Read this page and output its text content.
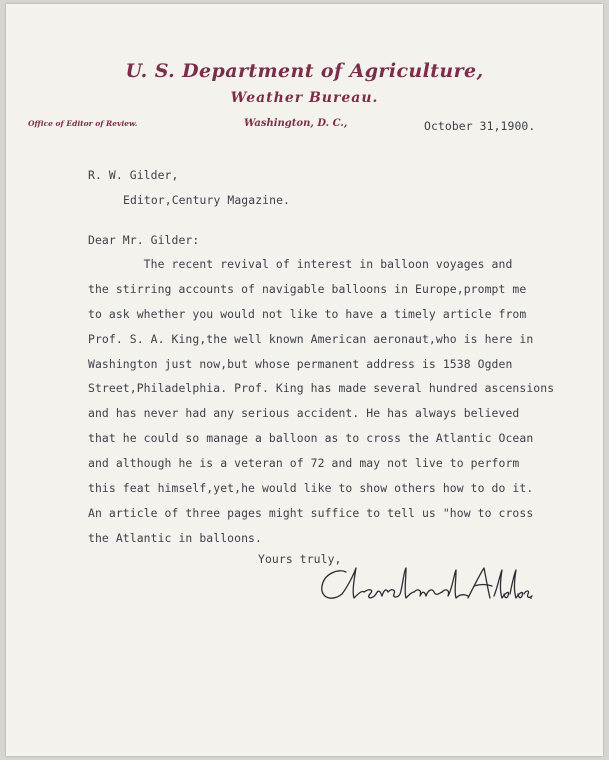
U. S. Department of Agriculture,
Weather Bureau.
Office of Editor of Review.	Washington, D. C.,	October 31,1900.
R. W. Gilder,
Editor,Century Magazine.
Dear Mr. Gilder:
The recent revival of interest in balloon voyages and
the stirring accounts of navigable balloons in Europe,prompt me
to ask whether you would not like to have a timely article from
Prof. S. A. King,the well known American aeronaut,who is here in
Washington just now,but whose permanent address is 1538 Ogden
Street,Philadelphia. Prof. King has made several hundred ascensions
and has never had any serious accident. He has always believed
that he could so manage a balloon as to cross the Atlantic Ocean
and although he is a veteran of 72 and may not live to perform
this feat himself,yet,he would like to show others how to do it.
An article of three pages might suffice to tell us "how to cross
the Atlantic in balloons.
Yours truly,
